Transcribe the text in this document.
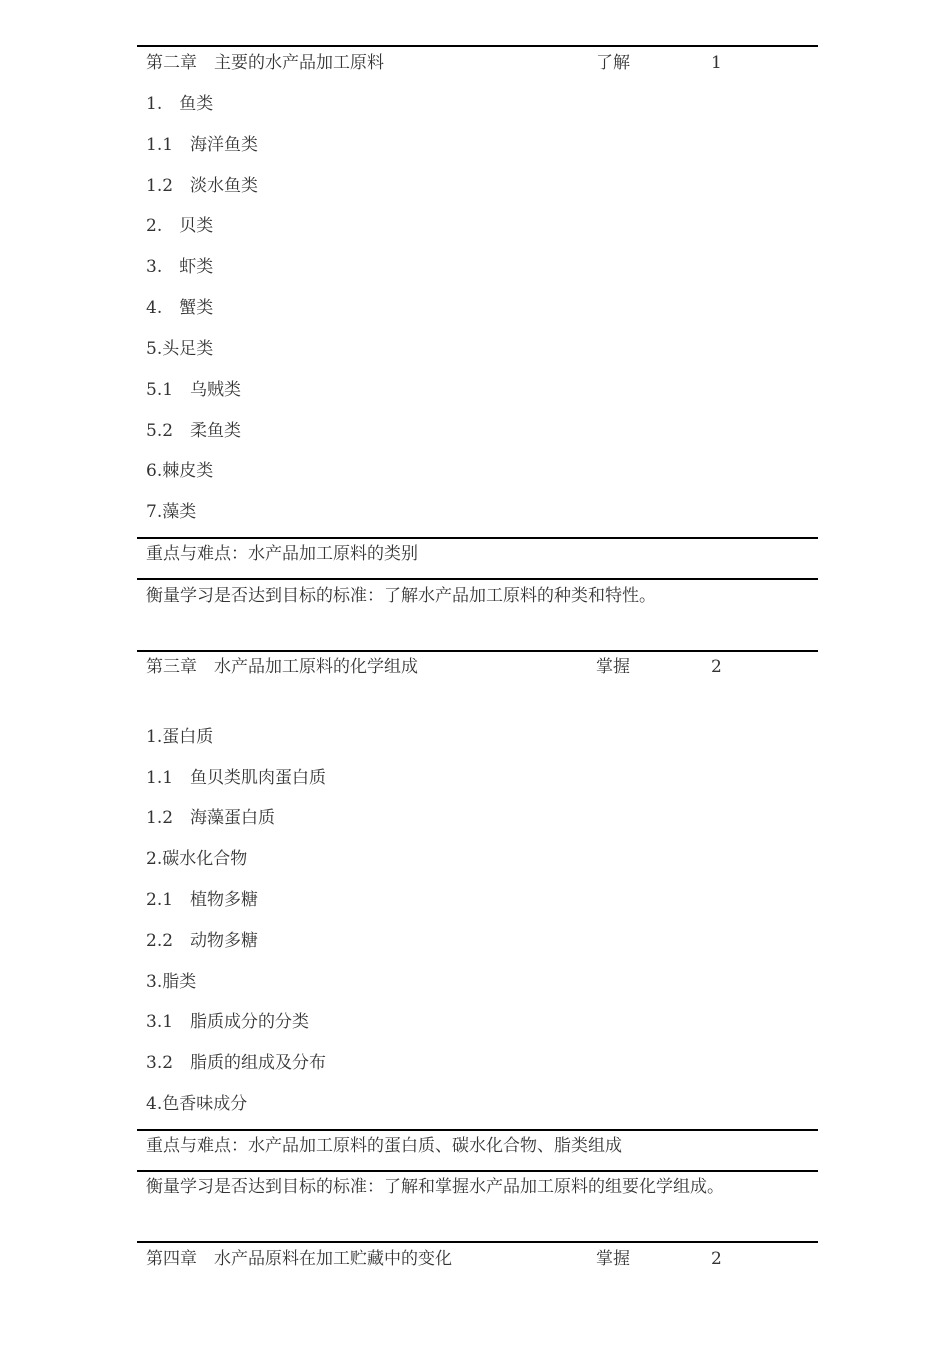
第二章　主要的水产品加工原料	了解	1
1.　鱼类
1.1　海洋鱼类
1.2　淡水鱼类
2.　贝类
3.　虾类
4.　蟹类
5.头足类
5.1　乌贼类
5.2　柔鱼类
6.棘皮类
7.藻类
重点与难点：水产品加工原料的类别
衡量学习是否达到目标的标准：了解水产品加工原料的种类和特性。
第三章　水产品加工原料的化学组成	掌握	2
1.蛋白质
1.1　鱼贝类肌肉蛋白质
1.2　海藻蛋白质
2.碳水化合物
2.1　植物多糖
2.2　动物多糖
3.脂类
3.1　脂质成分的分类
3.2　脂质的组成及分布
4.色香味成分
重点与难点：水产品加工原料的蛋白质、碳水化合物、脂类组成
衡量学习是否达到目标的标准：了解和掌握水产品加工原料的组要化学组成。
第四章　水产品原料在加工贮藏中的变化	掌握	2
